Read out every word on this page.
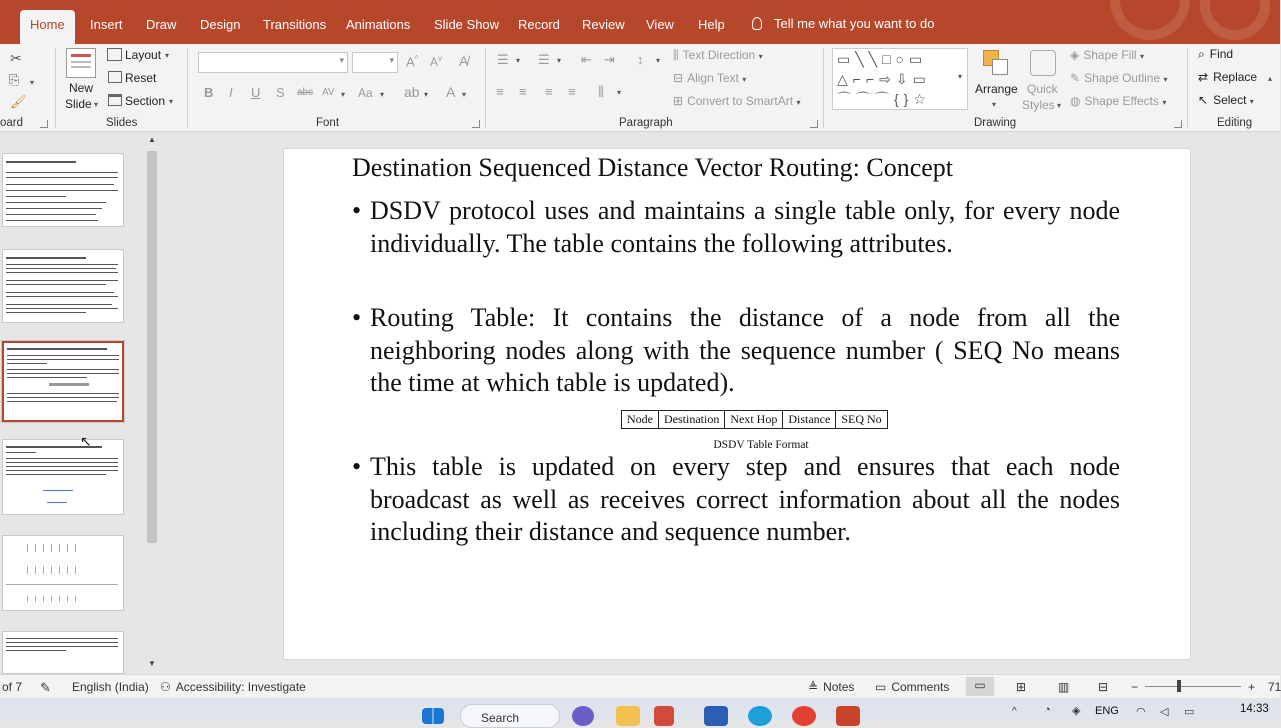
Home	Insert	Draw	Design	Transitions	Animations	Slide Show	Record	Review	View	Help	Tell me what you want to do
✂
⎘ ▾
🖌
oard
New
Slide ▾
Layout ▾
Reset
Section ▾
Slides
▾
▾
A^ $A^v$ A̸
B I U S abc AV ▾ Aa ▾ ab ▾ A ▾
Font
☰ ▾ ☰ ▾ ⇤ ⇥ ↕ ▾
≡ ≡ ≡ ≡ ⫼ ▾
⫼ Text Direction ▾
⊟ Align Text ▾
⊞ Convert to SmartArt ▾
Paragraph
▭╲╲□○▭
△⌐⌐⇨⇩▭
⌒⌒⌒{}☆
▾
Arrange
▾
Quick
Styles ▾
◈ Shape Fill ▾
✎ Shape Outline ▾
◍ Shape Effects ▾
Drawing
⌕ Find
⇄ Replace
↖ Select ▾
▴
Editing
↖
▲
▼
Destination Sequenced Distance Vector Routing: Concept
• DSDV protocol uses and maintains a single table only, for every node individually. The table contains the following attributes.
• Routing Table: It contains the distance of a node from all the neighboring nodes along with the sequence number ( SEQ No means the time at which table is updated).
Node	Destination	Next Hop	Distance	SEQ No
DSDV Table Format
• This table is updated on every step and ensures that each node broadcast as well as receives correct information about all the nodes including their distance and sequence number.
of 7 ✎ English (India) ⚇ Accessibility: Investigate	≜ Notes ▭ Comments	▭	⊞	▥ ⊟ −	+ 71
Search	^ ◔ ◈ ENG ◠ ◁ ▭	14:33
